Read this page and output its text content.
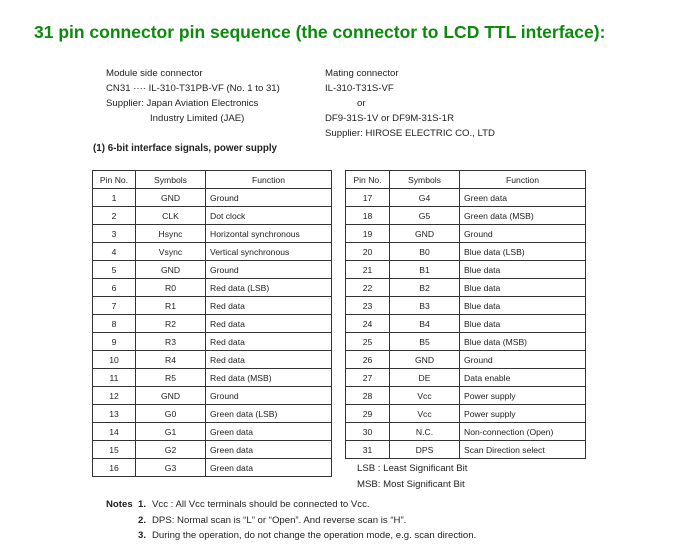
31 pin connector pin sequence (the connector to LCD TTL interface):
Module side connector
CN31 ···· IL-310-T31PB-VF (No. 1 to 31)
Supplier: Japan Aviation Electronics
Industry Limited (JAE)
Mating connector
IL-310-T31S-VF
or
DF9-31S-1V or DF9M-31S-1R
Supplier: HIROSE ELECTRIC CO., LTD
(1) 6-bit interface signals, power supply
Pin No.	Symbols	Function
1	GND	Ground
2	CLK	Dot clock
3	Hsync	Horizontal synchronous
4	Vsync	Vertical synchronous
5	GND	Ground
6	R0	Red data (LSB)
7	R1	Red data
8	R2	Red data
9	R3	Red data
10	R4	Red data
11	R5	Red data (MSB)
12	GND	Ground
13	G0	Green data (LSB)
14	G1	Green data
15	G2	Green data
16	G3	Green data
Pin No.	Symbols	Function
17	G4	Green data
18	G5	Green data (MSB)
19	GND	Ground
20	B0	Blue data (LSB)
21	B1	Blue data
22	B2	Blue data
23	B3	Blue data
24	B4	Blue data
25	B5	Blue data (MSB)
26	GND	Ground
27	DE	Data enable
28	Vcc	Power supply
29	Vcc	Power supply
30	N.C.	Non-connection (Open)
31	DPS	Scan Direction select
LSB : Least Significant Bit
MSB: Most Significant Bit
Notes 1. Vcc : All Vcc terminals should be connected to Vcc.
2. DPS: Normal scan is “L” or “Open”. And reverse scan is “H”.
3. During the operation, do not change the operation mode, e.g. scan direction.
